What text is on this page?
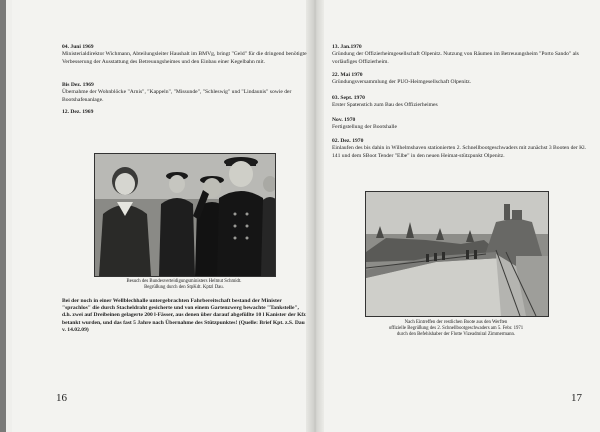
04. Juni 1969
Ministerialdirektor Wichmann, Abteilungsleiter Haushalt im BMVg, bringt "Geld" für die dringend benötigte Verbesserung der Ausstattung des Betreuungsheimes und den Einbau einer Kegelbahn mit.
Bis Dez. 1969
Übernahme der Wohnblöcke "Arnis", "Kappeln", "Missunde", "Schleswig" und "Lindaunis" sowie der Bootshafenanlage.
12. Dez. 1969
Besuch des Bundesverteidigungsministers Helmut Schmidt.
Begrüßung durch den StpKdt. Kptzl Dau.
Bei der noch in einer Wellblechhalle untergebrachten Fahrbereitschaft bestand der Minister "sprachlos" die durch Stacheldraht gesicherte und von einem Gartenzwerg bewachte "Tankstelle", d.h. zwei auf Dreibeinen gelagerte 200 l-Fässer, aus denen über darauf abgefüllte 10 l Kanister der Kfz betankt wurden, und das fast 5 Jahre nach Übernahme des Stützpunktes! (Quelle: Brief Kpt. z.S. Dau v. 14.02.09)
16
13. Jan.1970
Gründung der Offizierheimgesellschaft Olpenitz. Nutzung von Räumen im Betreuungsheim "Porto Sando" als vorläufiges Offizierheim.
22. Mai 1970
Gründungsversammlung der PUO-Heimgesellschaft Olpenitz.
03. Sept. 1970
Erster Spatenstich zum Bau des Offizierheimes
Nov. 1970
Fertigstellung der Bootshalle
02. Dez. 1970
Einlaufen des bis dahin in Wilhelmshaven stationierten 2. Schnellbootgeschwaders mit zunächst 3 Booten der Kl. 141 und dem SBoot Tender "Elbe" in den neuen Heimat-stützpunkt Olpenitz.
Nach Eintreffen der restlichen Boote aus den Werften
offizielle Begrüßung des 2. Schnellbootgeschwaders am 5. Febr. 1971
durch den Befehlshaber der Flotte Vizeadmiral Zimmermann.
17
